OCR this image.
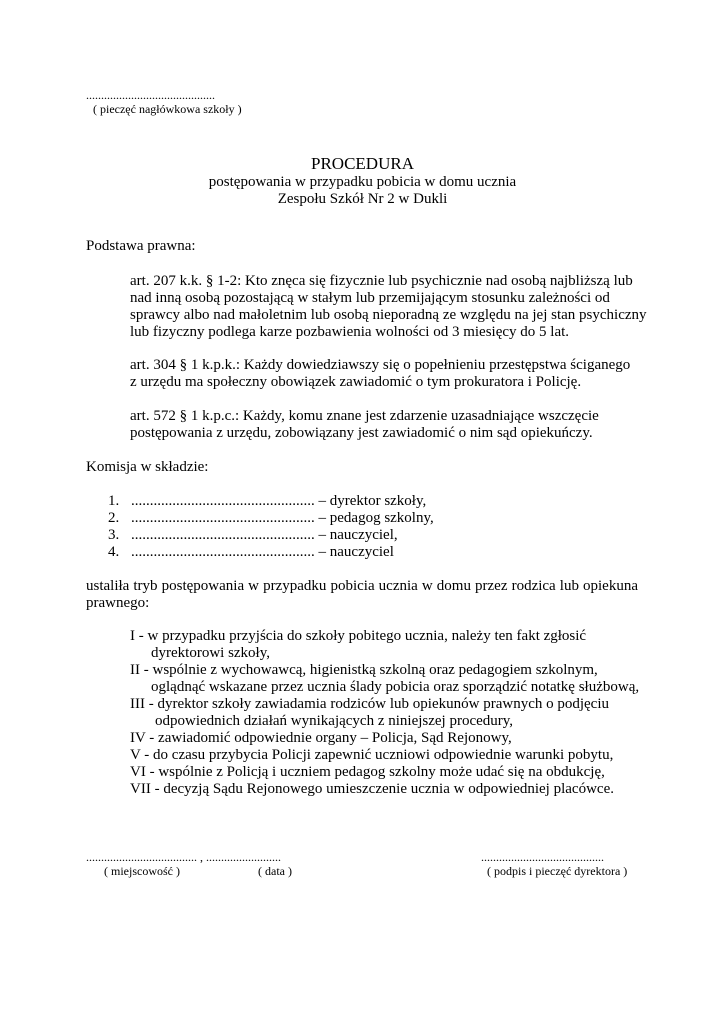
...........................................
( pieczęć nagłówkowa szkoły )
PROCEDURA
postępowania w przypadku pobicia w domu ucznia
Zespołu Szkół Nr 2 w Dukli
Podstawa prawna:
art. 207 k.k. § 1-2: Kto znęca się fizycznie lub psychicznie nad osobą najbliższą lub
nad inną osobą pozostającą w stałym lub przemijającym stosunku zależności od
sprawcy albo nad małoletnim lub osobą nieporadną ze względu na jej stan psychiczny
lub fizyczny podlega karze pozbawienia wolności od 3 miesięcy do 5 lat.
art. 304 § 1 k.p.k.: Każdy dowiedziawszy się o popełnieniu przestępstwa ściganego
z urzędu ma społeczny obowiązek zawiadomić o tym prokuratora i Policję.
art. 572 § 1 k.p.c.: Każdy, komu znane jest zdarzenie uzasadniające wszczęcie
postępowania z urzędu, zobowiązany jest zawiadomić o nim sąd opiekuńczy.
Komisja w składzie:
1. ................................................. – dyrektor szkoły,
2. ................................................. – pedagog szkolny,
3. ................................................. – nauczyciel,
4. ................................................. – nauczyciel
ustaliła tryb postępowania w przypadku pobicia ucznia w domu przez rodzica lub opiekuna
prawnego:
I - w przypadku przyjścia do szkoły pobitego ucznia, należy ten fakt zgłosić
dyrektorowi szkoły,
II - wspólnie z wychowawcą, higienistką szkolną oraz pedagogiem szkolnym,
oglądnąć wskazane przez ucznia ślady pobicia oraz sporządzić notatkę służbową,
III - dyrektor szkoły zawiadamia rodziców lub opiekunów prawnych o podjęciu
odpowiednich działań wynikających z niniejszej procedury,
IV - zawiadomić odpowiednie organy – Policja, Sąd Rejonowy,
V - do czasu przybycia Policji zapewnić uczniowi odpowiednie warunki pobytu,
VI - wspólnie z Policją i uczniem pedagog szkolny może udać się na obdukcję,
VII - decyzją Sądu Rejonowego umieszczenie ucznia w odpowiedniej placówce.
..................................... , .........................
( miejscowość )	( data )
.........................................
( podpis i pieczęć dyrektora )
